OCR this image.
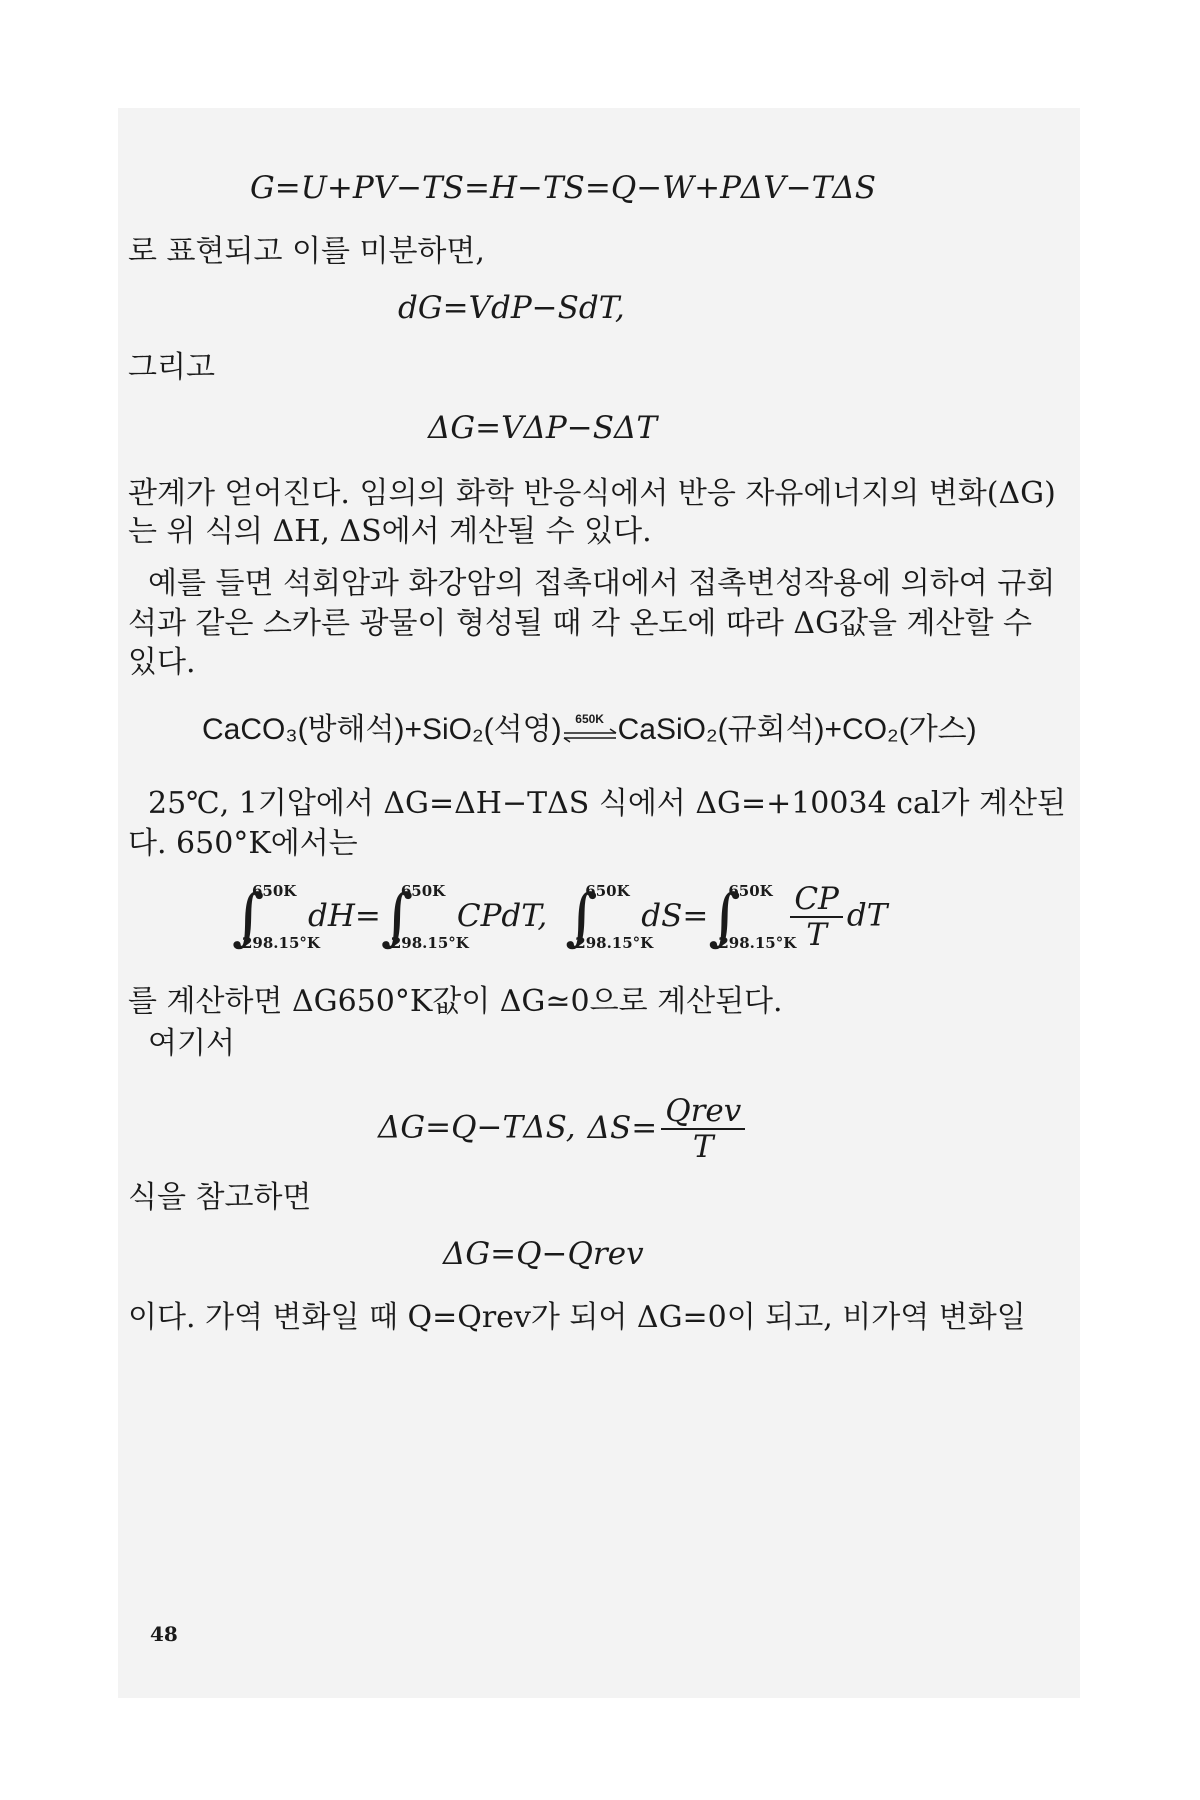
G=U+PV−TS=H−TS=Q−W+PΔV−TΔS
로 표현되고 이를 미분하면,
dG=VdP−SdT,
그리고
ΔG=VΔP−SΔT
관계가 얻어진다. 임의의 화학 반응식에서 반응 자유에너지의 변화(ΔG)
는 위 식의 ΔH, ΔS에서 계산될 수 있다.
예를 들면 석회암과 화강암의 접촉대에서 접촉변성작용에 의하여 규회
석과 같은 스카른 광물이 형성될 때 각 온도에 따라 ΔG값을 계산할 수
있다.
CaCO₃(방해석)+SiO₂(석영)	650K CaSiO₂(규회석)+CO₂(가스)
25℃, 1기압에서 ΔG=ΔH−TΔS 식에서 ΔG=+10034 cal가 계산된
다. 650°K에서는
∫
650K
298.15°K
dH=∫
650K
298.15°K
CPdT, ∫
650K
298.15°K
dS=∫
650K
298.15°K
$\frac{CP}{T}$ dT
를 계산하면 ΔG650°K값이 ΔG≃0으로 계산된다.
여기서
ΔG=Q−TΔS, $\Delta S= \frac{\text{Qrev}}{T}$
식을 참고하면
ΔG=Q−Qrev
이다. 가역 변화일 때 Q=Qrev가 되어 ΔG=0이 되고, 비가역 변화일
48
